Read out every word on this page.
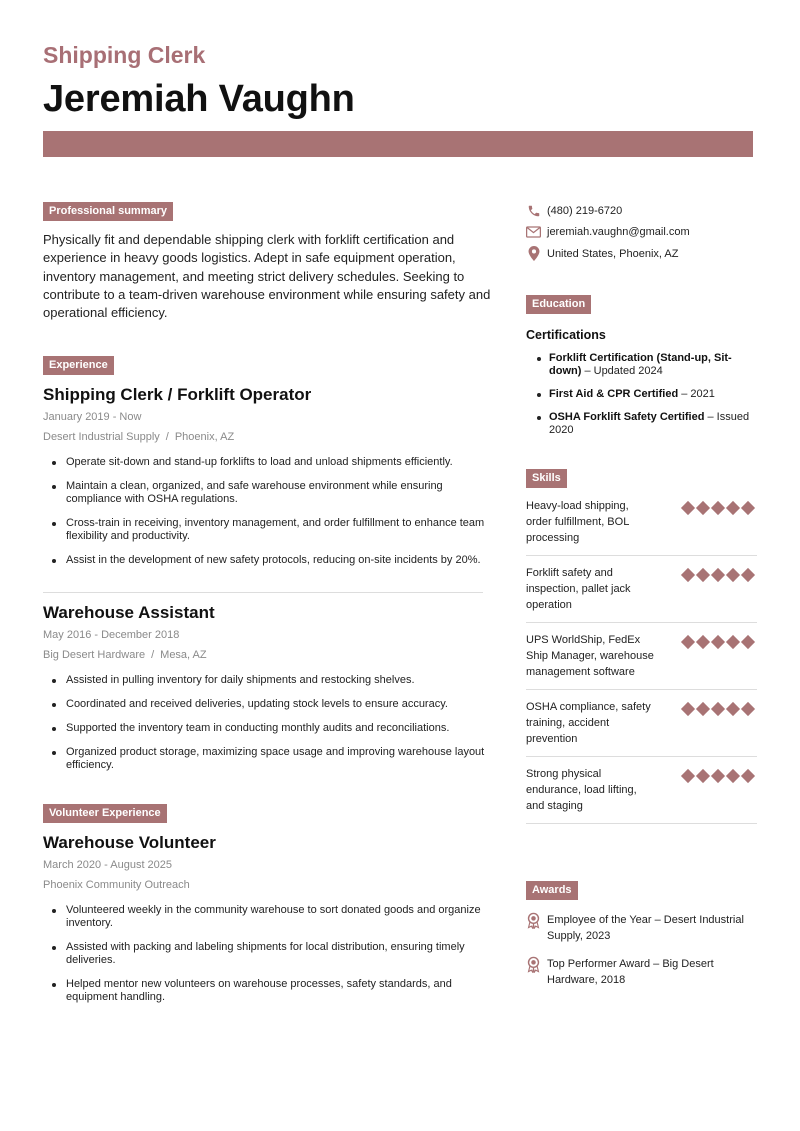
Shipping Clerk
Jeremiah Vaughn
Professional summary

Physically fit and dependable shipping clerk with forklift certification and experience in heavy goods logistics. Adept in safe equipment operation, inventory management, and meeting strict delivery schedules. Seeking to contribute to a team-driven warehouse environment while ensuring safety and operational efficiency.

Experience
Shipping Clerk / Forklift Operator
January 2019 - Now
Desert Industrial Supply / Phoenix, AZ
Operate sit-down and stand-up forklifts to load and unload shipments efficiently.
Maintain a clean, organized, and safe warehouse environment while ensuring compliance with OSHA regulations.
Cross-train in receiving, inventory management, and order fulfillment to enhance team flexibility and productivity.
Assist in the development of new safety protocols, reducing on-site incidents by 20%.
Warehouse Assistant
May 2016 - December 2018
Big Desert Hardware / Mesa, AZ
Assisted in pulling inventory for daily shipments and restocking shelves.
Coordinated and received deliveries, updating stock levels to ensure accuracy.
Supported the inventory team in conducting monthly audits and reconciliations.
Organized product storage, maximizing space usage and improving warehouse layout efficiency.
Volunteer Experience
Warehouse Volunteer
March 2020 - August 2025
Phoenix Community Outreach
Volunteered weekly in the community warehouse to sort donated goods and organize inventory.
Assisted with packing and labeling shipments for local distribution, ensuring timely deliveries.
Helped mentor new volunteers on warehouse processes, safety standards, and equipment handling.
(480) 219-6720
jeremiah.vaughn@gmail.com
United States, Phoenix, AZ
Education
Certifications
Forklift Certification (Stand-up, Sit-down) – Updated 2024
First Aid & CPR Certified – 2021
OSHA Forklift Safety Certified – Issued 2020
Skills
Heavy-load shipping, order fulfillment, BOL processing
Forklift safety and inspection, pallet jack operation
UPS WorldShip, FedEx Ship Manager, warehouse management software
OSHA compliance, safety training, accident prevention
Strong physical endurance, load lifting, and staging
Awards
Employee of the Year – Desert Industrial Supply, 2023
Top Performer Award – Big Desert Hardware, 2018
